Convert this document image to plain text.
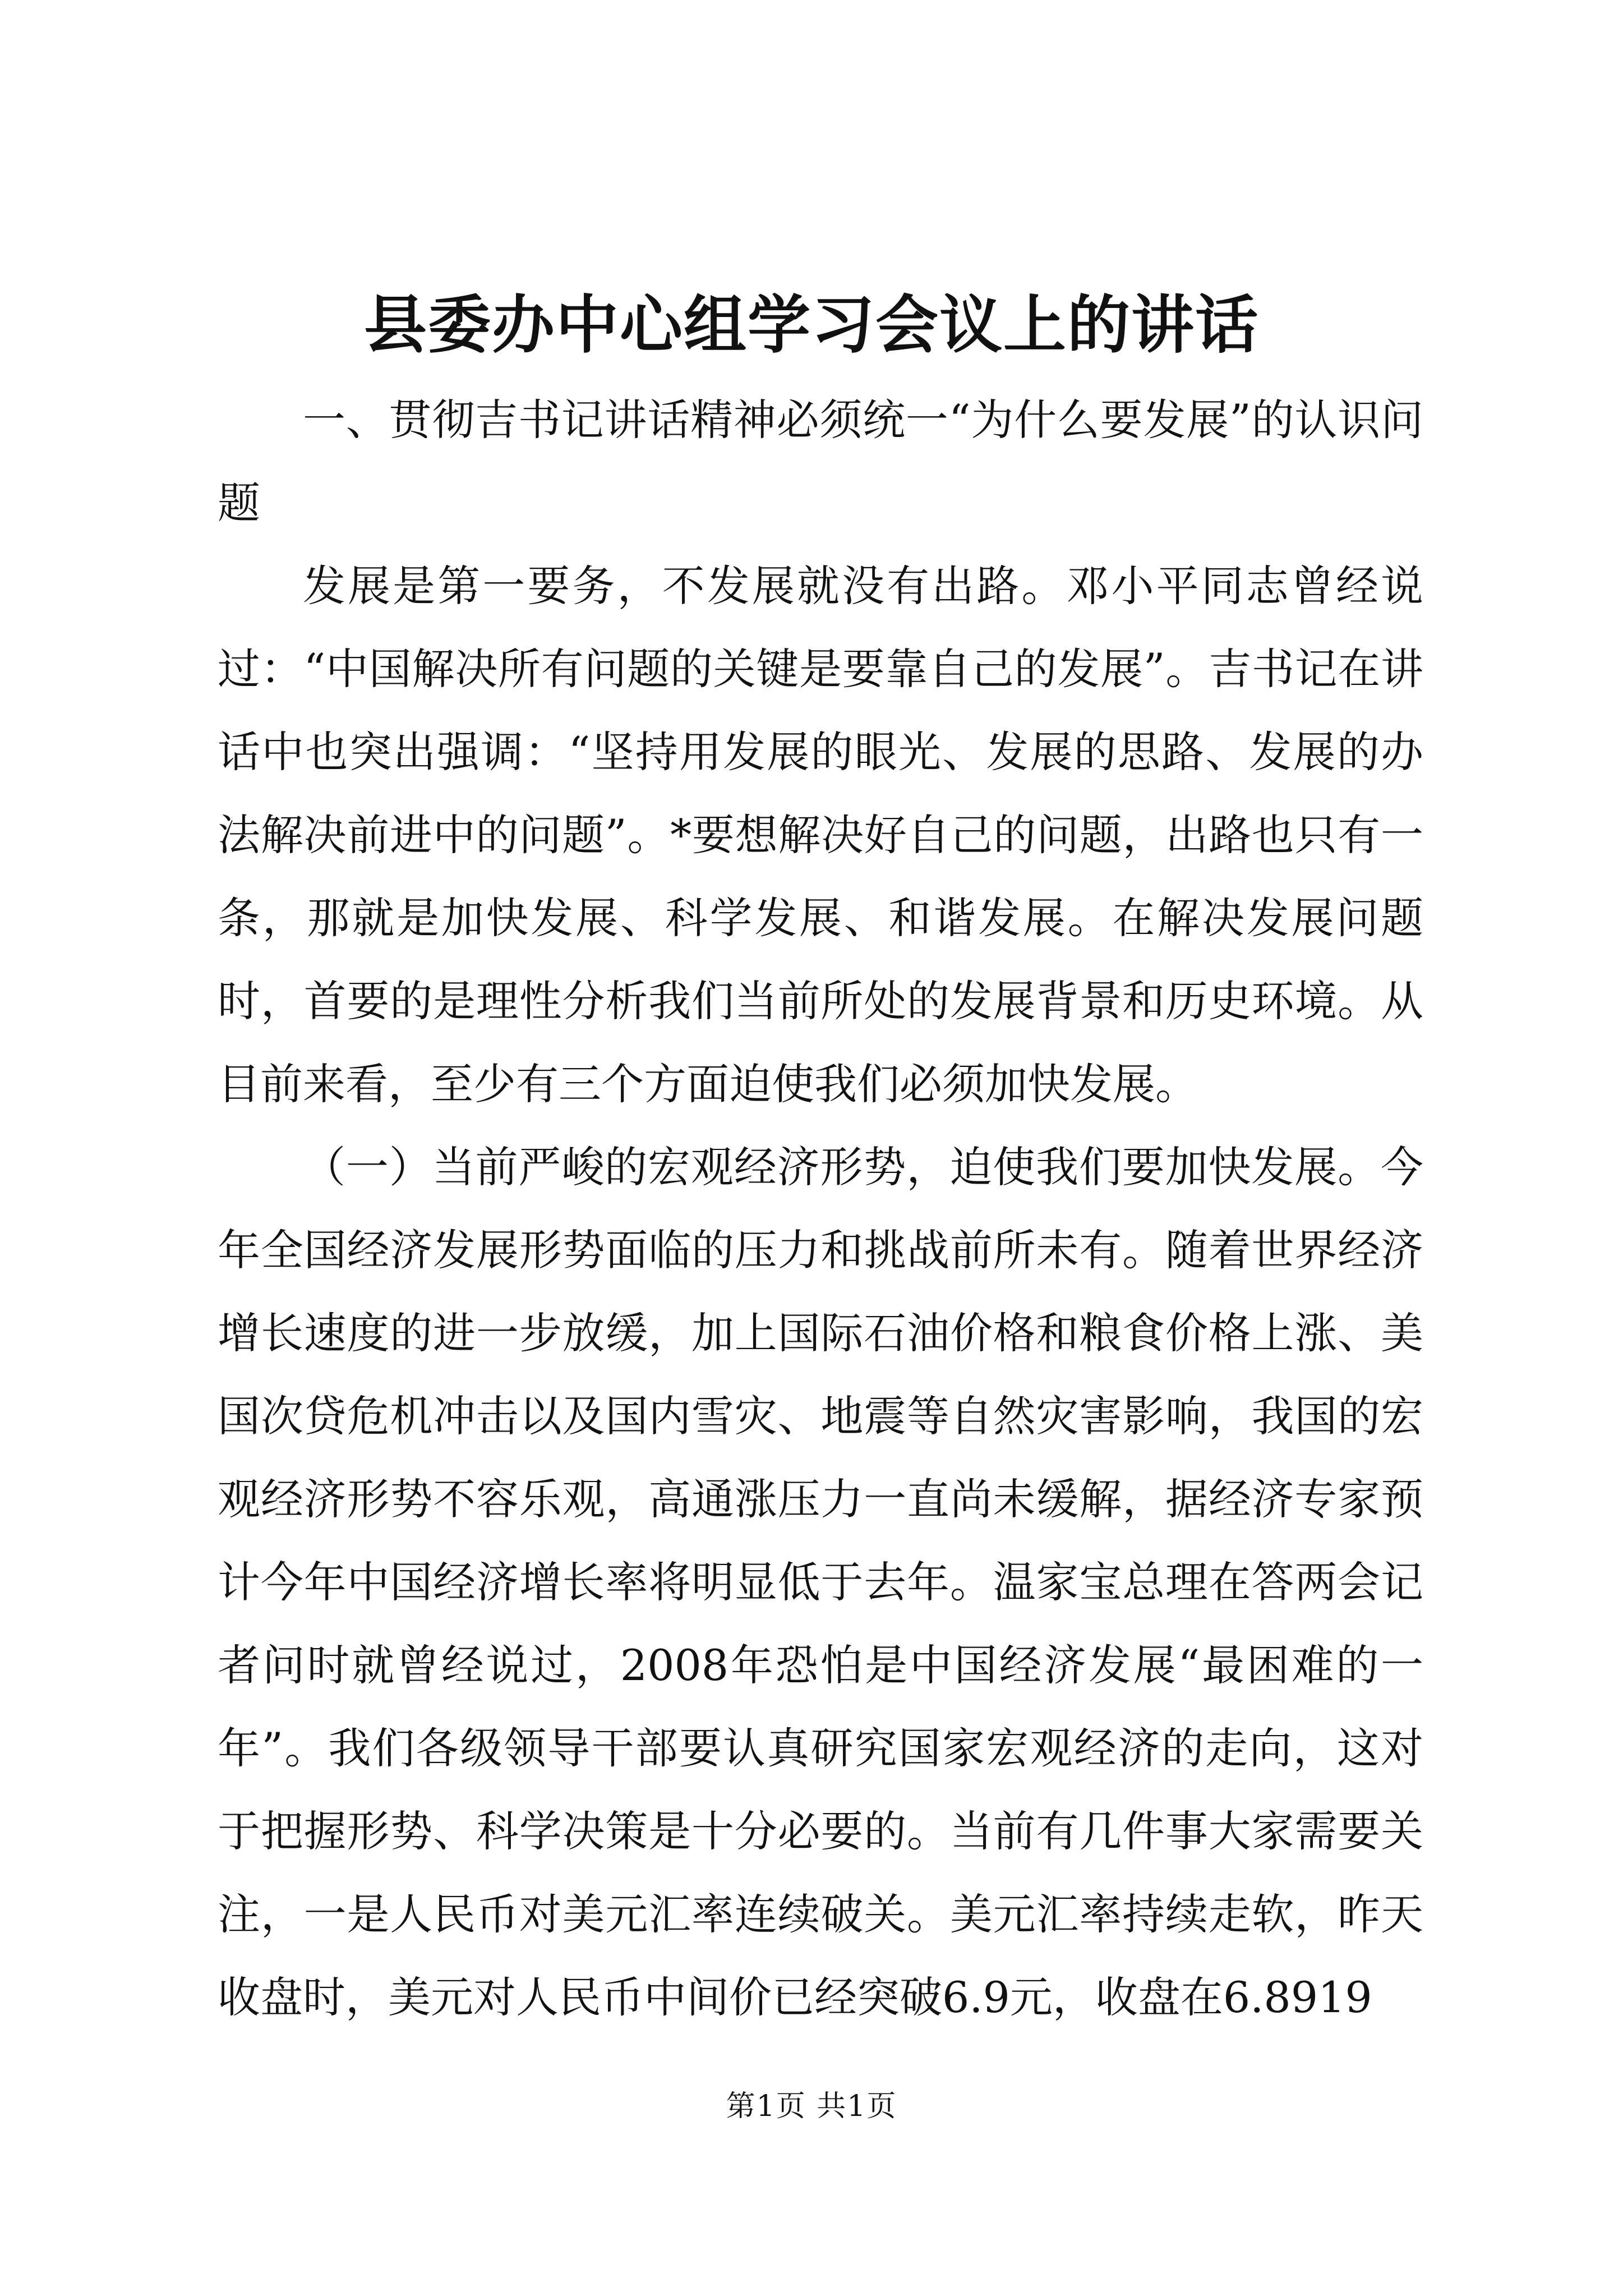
县委办中心组学习会议上的讲话

一、贯彻吉书记讲话精神必须统一“为什么要发展”的认识问题

发展是第一要务，不发展就没有出路。邓小平同志曾经说过：“中国解决所有问题的关键是要靠自己的发展”。吉书记在讲话中也突出强调：“坚持用发展的眼光、发展的思路、发展的办法解决前进中的问题”。*要想解决好自己的问题，出路也只有一条，那就是加快发展、科学发展、和谐发展。在解决发展问题时，首要的是理性分析我们当前所处的发展背景和历史环境。从目前来看，至少有三个方面迫使我们必须加快发展。

（一）当前严峻的宏观经济形势，迫使我们要加快发展。今年全国经济发展形势面临的压力和挑战前所未有。随着世界经济增长速度的进一步放缓，加上国际石油价格和粮食价格上涨、美国次贷危机冲击以及国内雪灾、地震等自然灾害影响，我国的宏观经济形势不容乐观，高通涨压力一直尚未缓解，据经济专家预计今年中国经济增长率将明显低于去年。温家宝总理在答两会记者问时就曾经说过，2008年恐怕是中国经济发展“最困难的一年”。我们各级领导干部要认真研究国家宏观经济的走向，这对于把握形势、科学决策是十分必要的。当前有几件事大家需要关注，一是人民币对美元汇率连续破关。美元汇率持续走软，昨天收盘时，美元对人民币中间价已经突破6.9元，收盘在6.8919

第1页 共1页
